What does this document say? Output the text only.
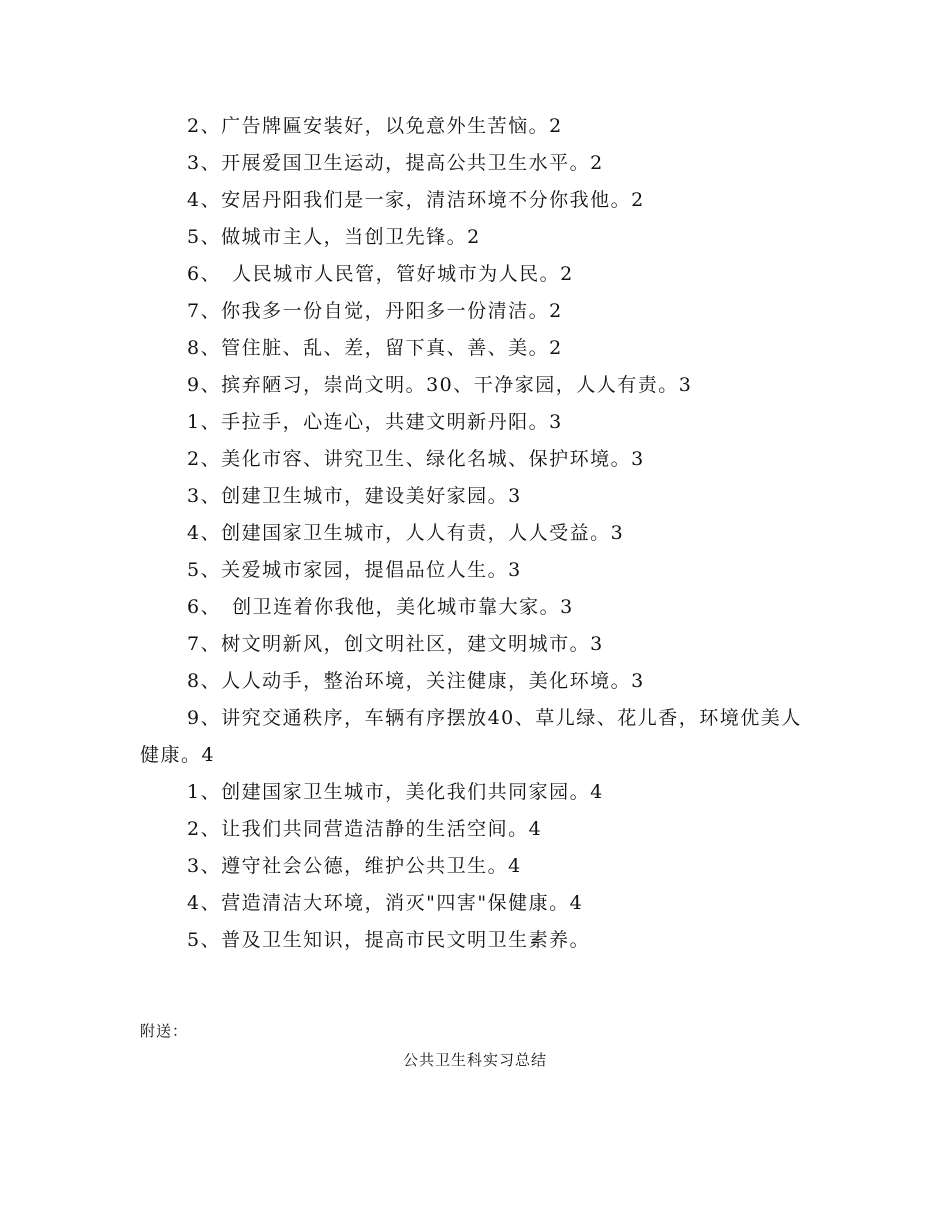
2、广告牌匾安装好，以免意外生苦恼。2

3、开展爱国卫生运动，提高公共卫生水平。2

4、安居丹阳我们是一家，清洁环境不分你我他。2

5、做城市主人，当创卫先锋。2

6、　人民城市人民管，管好城市为人民。2

7、你我多一份自觉，丹阳多一份清洁。2

8、管住脏、乱、差，留下真、善、美。2

9、摈弃陋习，崇尚文明。30、干净家园，人人有责。3

1、手拉手，心连心，共建文明新丹阳。3

2、美化市容、讲究卫生、绿化名城、保护环境。3

3、创建卫生城市，建设美好家园。3

4、创建国家卫生城市，人人有责，人人受益。3

5、关爱城市家园，提倡品位人生。3

6、　创卫连着你我他，美化城市靠大家。3

7、树文明新风，创文明社区，建文明城市。3

8、人人动手，整治环境，关注健康，美化环境。3

9、讲究交通秩序，车辆有序摆放40、草儿绿、花儿香，环境优美人健康。4

1、创建国家卫生城市，美化我们共同家园。4

2、让我们共同营造洁静的生活空间。4

3、遵守社会公德，维护公共卫生。4

4、营造清洁大环境，消灭"四害"保健康。4

5、普及卫生知识，提高市民文明卫生素养。

附送：
公共卫生科实习总结
